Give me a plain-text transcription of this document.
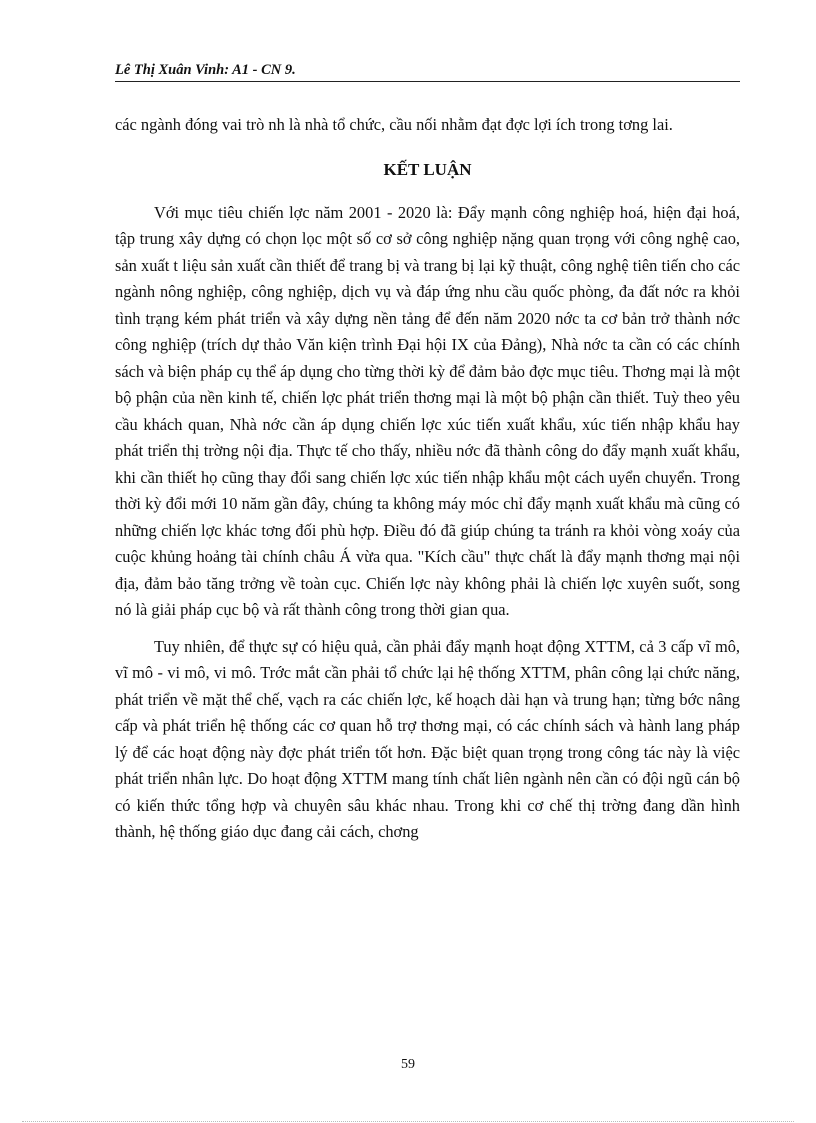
Lê Thị Xuân Vinh: A1 - CN 9.

các ngành đóng vai trò nh là nhà tổ chức, cầu nối nhằm đạt đợc lợi ích trong tơng lai.

KẾT LUẬN

Với mục tiêu chiến lợc năm 2001 - 2020 là: Đẩy mạnh công nghiệp hoá, hiện đại hoá, tập trung xây dựng có chọn lọc một số cơ sở công nghiệp nặng quan trọng với công nghệ cao, sản xuất t liệu sản xuất cần thiết để trang bị và trang bị lại kỹ thuật, công nghệ tiên tiến cho các ngành nông nghiệp, công nghiệp, dịch vụ và đáp ứng nhu cầu quốc phòng, đa đất nớc ra khỏi tình trạng kém phát triển và xây dựng nền tảng để đến năm 2020 nớc ta cơ bản trở thành nớc công nghiệp (trích dự thảo Văn kiện trình Đại hội IX của Đảng), Nhà nớc ta cần có các chính sách và biện pháp cụ thể áp dụng cho từng thời kỳ để đảm bảo đợc mục tiêu. Thơng mại là một bộ phận của nền kinh tế, chiến lợc phát triển thơng mại là một bộ phận cần thiết. Tuỳ theo yêu cầu khách quan, Nhà nớc cần áp dụng chiến lợc xúc tiến xuất khẩu, xúc tiến nhập khẩu hay phát triển thị trờng nội địa. Thực tế cho thấy, nhiều nớc đã thành công do đẩy mạnh xuất khẩu, khi cần thiết họ cũng thay đổi sang chiến lợc xúc tiến nhập khẩu một cách uyển chuyển. Trong thời kỳ đổi mới 10 năm gần đây, chúng ta không máy móc chỉ đẩy mạnh xuất khẩu mà cũng có những chiến lợc khác tơng đối phù hợp. Điều đó đã giúp chúng ta tránh ra khỏi vòng xoáy của cuộc khủng hoảng tài chính châu Á vừa qua. "Kích cầu" thực chất là đẩy mạnh thơng mại nội địa, đảm bảo tăng trởng về toàn cục. Chiến lợc này không phải là chiến lợc xuyên suốt, song nó là giải pháp cục bộ và rất thành công trong thời gian qua.

Tuy nhiên, để thực sự có hiệu quả, cần phải đẩy mạnh hoạt động XTTM, cả 3 cấp vĩ mô, vĩ mô - vi mô, vi mô. Trớc mắt cần phải tổ chức lại hệ thống XTTM, phân công lại chức năng, phát triển về mặt thể chế, vạch ra các chiến lợc, kế hoạch dài hạn và trung hạn; từng bớc nâng cấp và phát triển hệ thống các cơ quan hỗ trợ thơng mại, có các chính sách và hành lang pháp lý để các hoạt động này đợc phát triển tốt hơn. Đặc biệt quan trọng trong công tác này là việc phát triển nhân lực. Do hoạt động XTTM mang tính chất liên ngành nên cần có đội ngũ cán bộ có kiến thức tổng hợp và chuyên sâu khác nhau. Trong khi cơ chế thị trờng đang dần hình thành, hệ thống giáo dục đang cải cách, chơng

59
